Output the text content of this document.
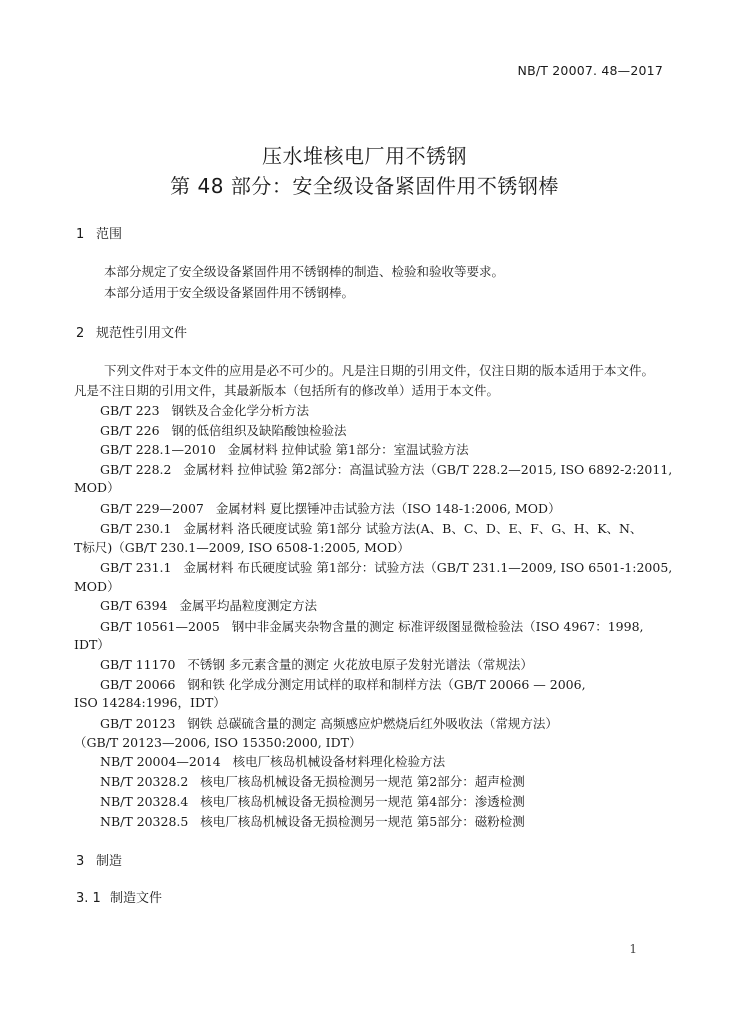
NB/T 20007. 48—2017
压水堆核电厂用不锈钢
第 48 部分：安全级设备紧固件用不锈钢棒
1 范围
本部分规定了安全级设备紧固件用不锈钢棒的制造、检验和验收等要求。
本部分适用于安全级设备紧固件用不锈钢棒。
2 规范性引用文件
下列文件对于本文件的应用是必不可少的。凡是注日期的引用文件，仅注日期的版本适用于本文件。
凡是不注日期的引用文件，其最新版本（包括所有的修改单）适用于本文件。
GB/T 223 钢铁及合金化学分析方法
GB/T 226 钢的低倍组织及缺陷酸蚀检验法
GB/T 228.1—2010 金属材料 拉伸试验 第1部分：室温试验方法
GB/T 228.2 金属材料 拉伸试验 第2部分：高温试验方法（GB/T 228.2—2015, ISO 6892-2:2011,
MOD）
GB/T 229—2007 金属材料 夏比摆锤冲击试验方法（ISO 148-1:2006, MOD）
GB/T 230.1 金属材料 洛氏硬度试验 第1部分 试验方法(A、B、C、D、E、F、G、H、K、N、
T标尺)（GB/T 230.1—2009, ISO 6508-1:2005, MOD）
GB/T 231.1 金属材料 布氏硬度试验 第1部分：试验方法（GB/T 231.1—2009, ISO 6501-1:2005,
MOD）
GB/T 6394 金属平均晶粒度测定方法
GB/T 10561—2005 钢中非金属夹杂物含量的测定 标准评级图显微检验法（ISO 4967：1998,
IDT）
GB/T 11170 不锈钢 多元素含量的测定 火花放电原子发射光谱法（常规法）
GB/T 20066 钢和铁 化学成分测定用试样的取样和制样方法（GB/T 20066 — 2006,
ISO 14284:1996，IDT）
GB/T 20123 钢铁 总碳硫含量的测定 高频感应炉燃烧后红外吸收法（常规方法）
（GB/T 20123—2006, ISO 15350:2000, IDT）
NB/T 20004—2014 核电厂核岛机械设备材料理化检验方法
NB/T 20328.2 核电厂核岛机械设备无损检测另一规范 第2部分：超声检测
NB/T 20328.4 核电厂核岛机械设备无损检测另一规范 第4部分：渗透检测
NB/T 20328.5 核电厂核岛机械设备无损检测另一规范 第5部分：磁粉检测
3 制造
3. 1 制造文件
1
